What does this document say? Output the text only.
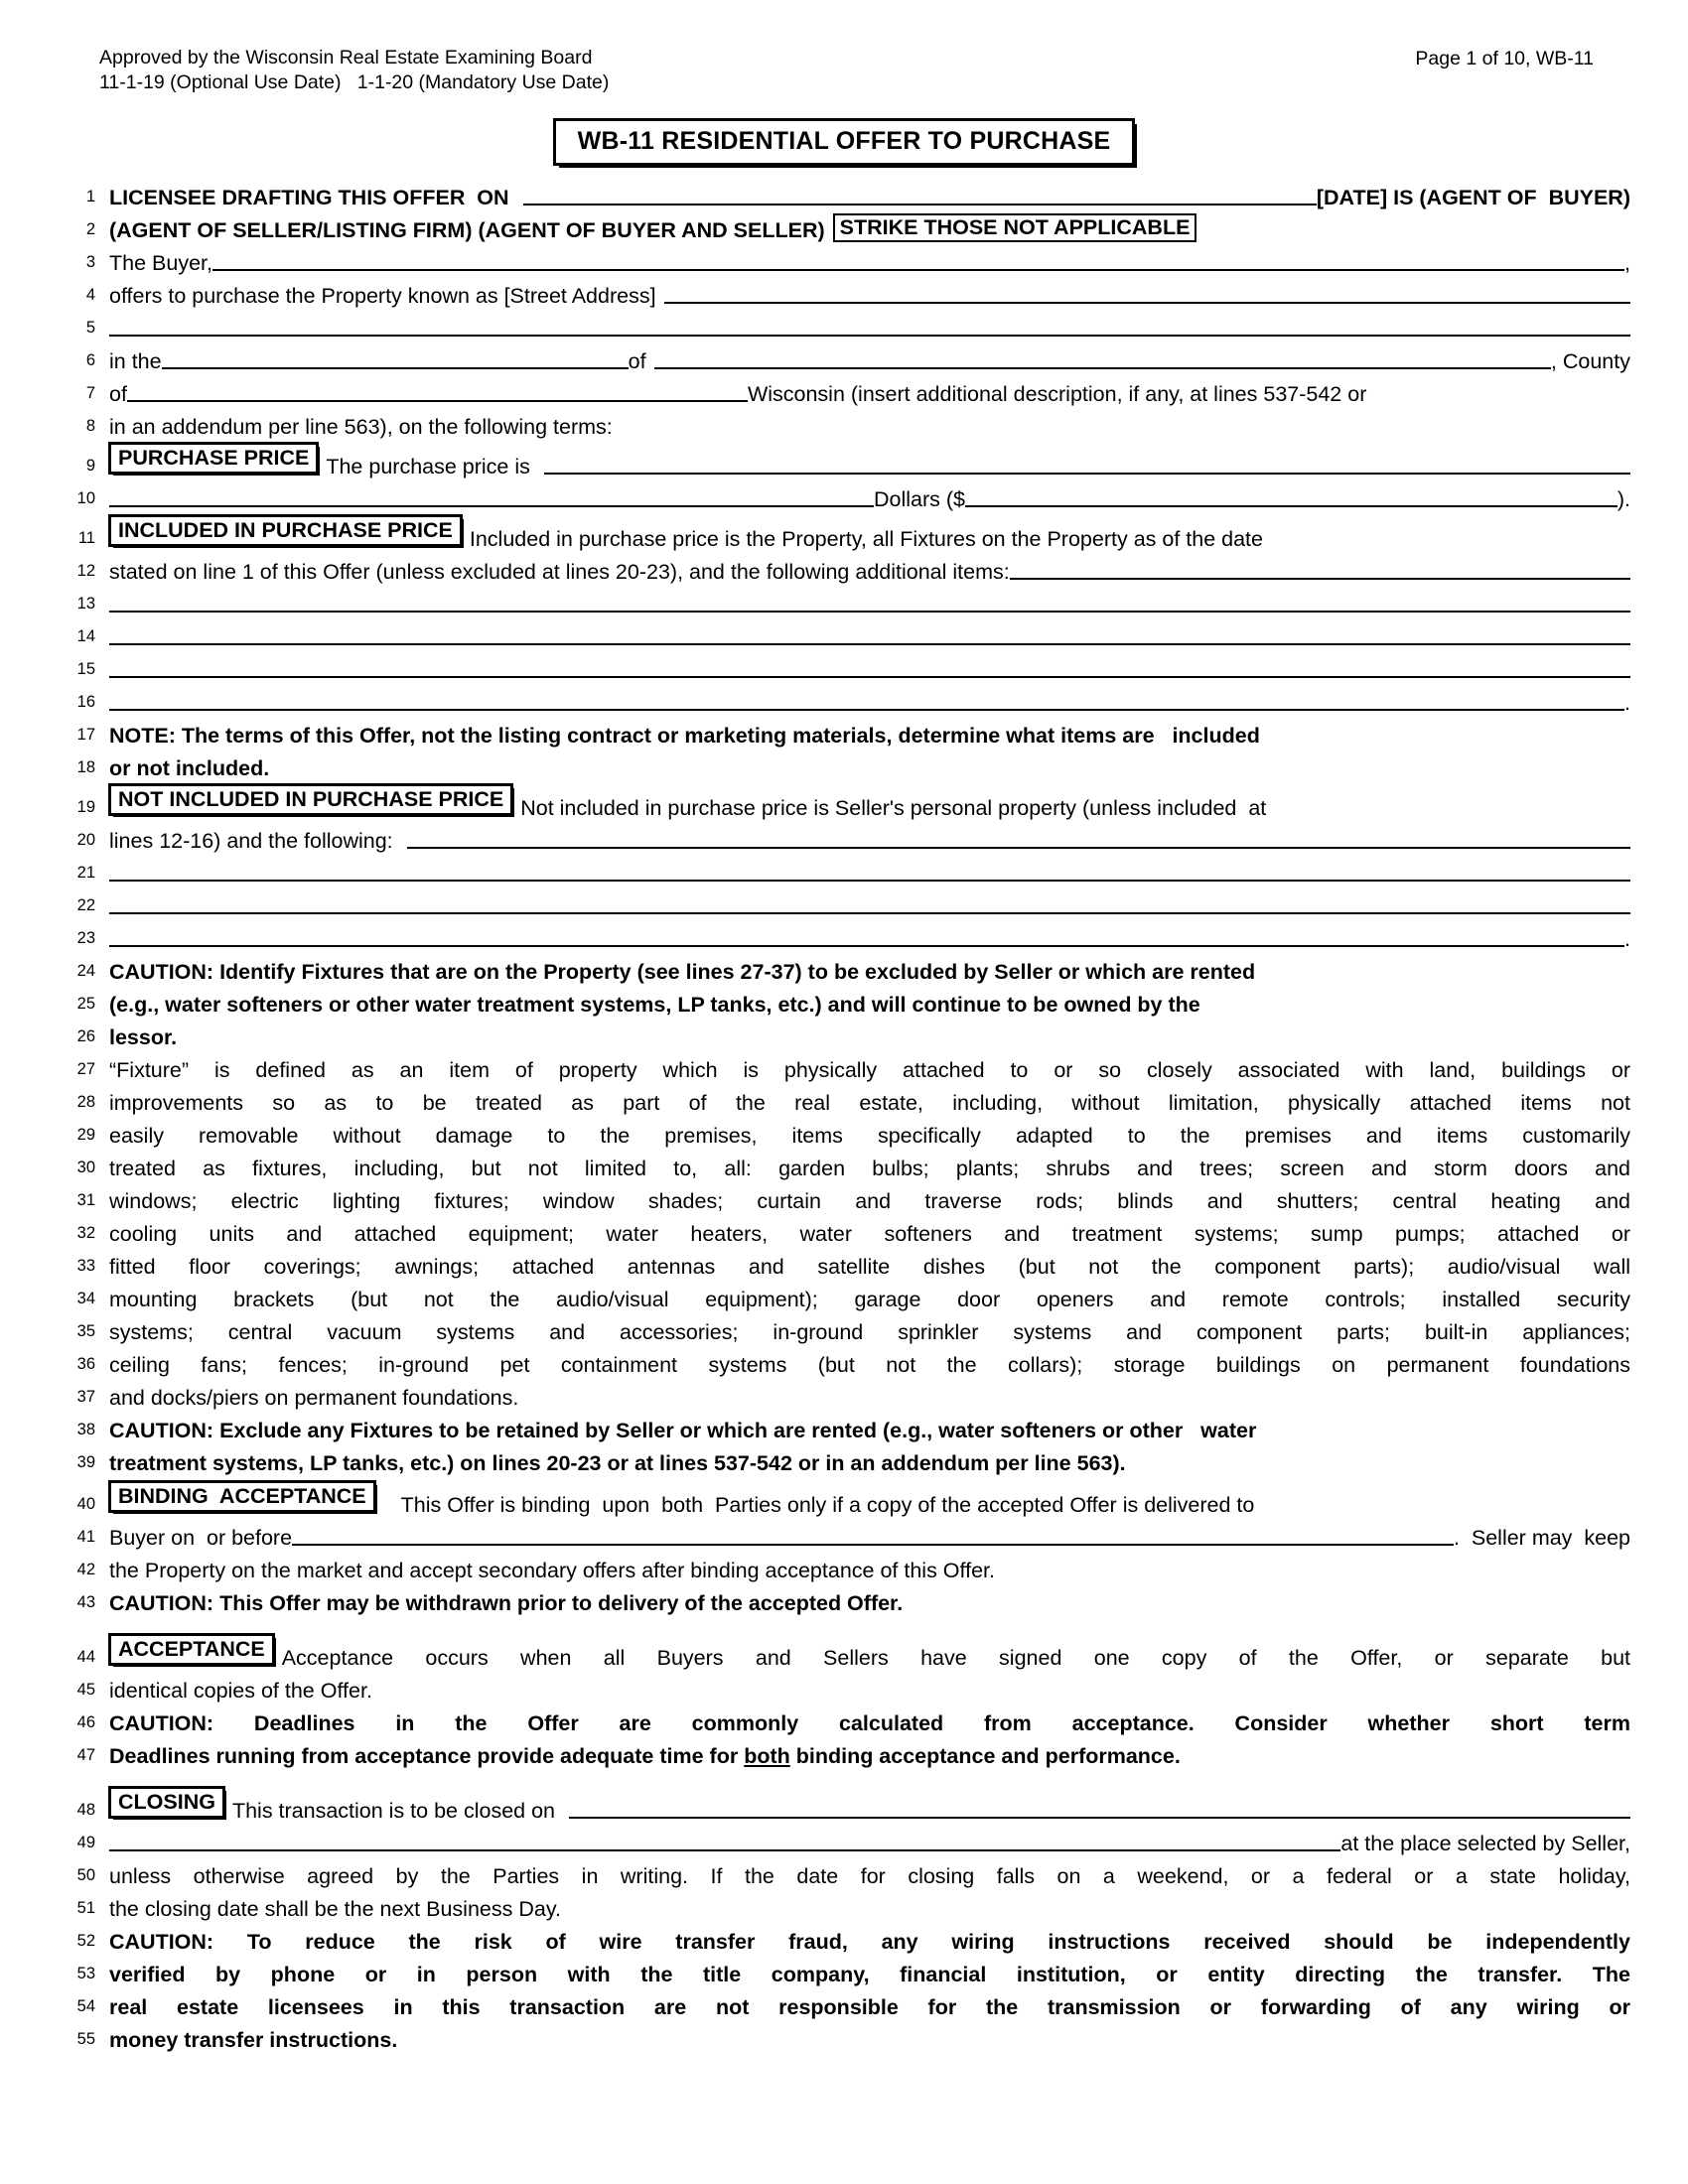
Approved by the Wisconsin Real Estate Examining Board
11-1-19 (Optional Use Date)   1-1-20 (Mandatory Use Date)
Page 1 of 10, WB-11
WB-11 RESIDENTIAL OFFER TO PURCHASE
1 LICENSEE DRAFTING THIS OFFER  ON	[DATE] IS (AGENT OF  BUYER)
2 (AGENT OF SELLER/LISTING FIRM) (AGENT OF BUYER AND SELLER) STRIKE THOSE NOT APPLICABLE
3 The Buyer,	,
4 offers to purchase the Property known as [Street Address]
5
6 in the	of	, County
7 of	Wisconsin (insert additional description, if any, at lines 537-542 or
8 in an addendum per line 563), on the following terms:
9	PURCHASE PRICE The purchase price is
10	Dollars ($	).
11	INCLUDED IN PURCHASE PRICE Included in purchase price is the Property, all Fixtures on the Property as of the date
12 stated on line 1 of this Offer (unless excluded at lines 20-23), and the following additional items:
13
14
15
16	.
17 NOTE: The terms of this Offer, not the listing contract or marketing materials, determine what items are   included
18 or not included.
19	NOT INCLUDED IN PURCHASE PRICE Not included in purchase price is Seller's personal property (unless included  at
20 lines 12-16) and the following:
21
22
23	.
24 CAUTION: Identify Fixtures that are on the Property (see lines 27-37) to be excluded by Seller or which are rented
25 (e.g., water softeners or other water treatment systems, LP tanks, etc.) and will continue to be owned by the
26 lessor.
27 “Fixture” is defined as an item of property which is physically attached to or so closely associated with land, buildings or
28 improvements so as to be treated as part of the real estate, including, without limitation, physically attached items not
29 easily removable without damage to the premises, items specifically adapted to the premises and items customarily
30 treated as fixtures, including, but not limited to, all: garden bulbs; plants; shrubs and trees; screen and storm doors and
31 windows; electric lighting fixtures; window shades; curtain and traverse rods; blinds and shutters; central heating and
32 cooling units and attached equipment; water heaters, water softeners and treatment systems; sump pumps; attached or
33 fitted floor coverings; awnings; attached antennas and satellite dishes (but not the component parts); audio/visual wall
34 mounting brackets (but not the audio/visual equipment); garage door openers and remote controls; installed security
35 systems; central vacuum systems and accessories; in-ground sprinkler systems and component parts; built-in appliances;
36 ceiling fans; fences; in-ground pet containment systems (but not the collars); storage buildings on permanent foundations
37 and docks/piers on permanent foundations.
38 CAUTION: Exclude any Fixtures to be retained by Seller or which are rented (e.g., water softeners or other   water
39 treatment systems, LP tanks, etc.) on lines 20-23 or at lines 537-542 or in an addendum per line 563).
40	BINDING  ACCEPTANCE	This Offer is binding  upon  both  Parties only if a copy of the accepted Offer is delivered to
41 Buyer on  or before	.  Seller may  keep
42 the Property on the market and accept secondary offers after binding acceptance of this Offer.
43 CAUTION: This Offer may be withdrawn prior to delivery of the accepted Offer.
44	ACCEPTANCE Acceptance occurs when all Buyers and Sellers have signed one copy of the Offer, or separate but
45 identical copies of the Offer.
46 CAUTION: Deadlines in the Offer are commonly calculated from acceptance. Consider whether short term
47 Deadlines running from acceptance provide adequate time for both binding acceptance and performance.
48	CLOSING This transaction is to be closed on
49	at the place selected by Seller,
50 unless otherwise agreed by the Parties in writing. If the date for closing falls on a weekend, or a federal or a state holiday,
51 the closing date shall be the next Business Day.
52 CAUTION: To reduce the risk of wire transfer fraud, any wiring instructions received should be independently
53 verified by phone or in person with the title company, financial institution, or entity directing the transfer. The
54 real estate licensees in this transaction are not responsible for the transmission or forwarding of any wiring or
55 money transfer instructions.
